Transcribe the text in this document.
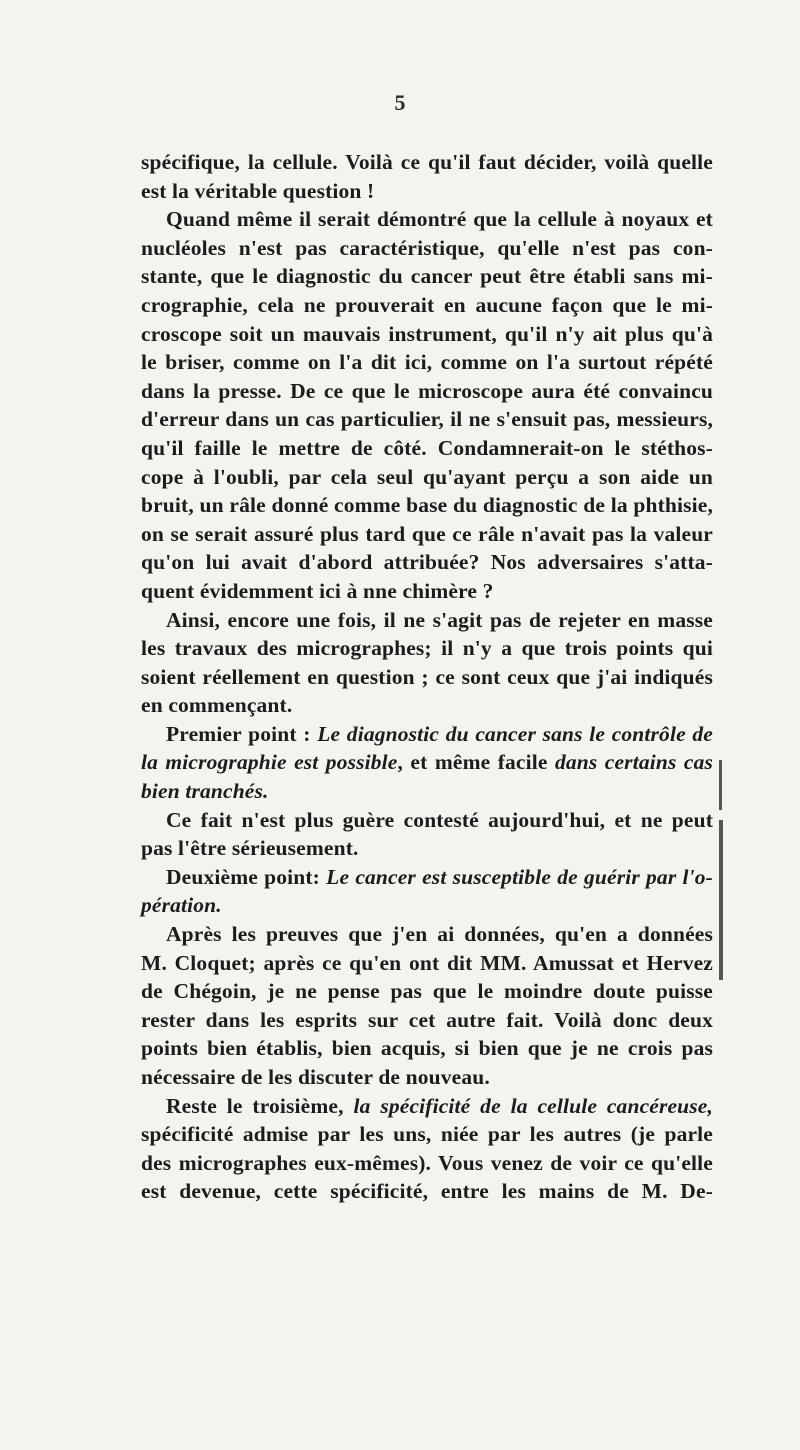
5
spécifique, la cellule. Voilà ce qu'il faut décider, voilà quelle
est la véritable question !
Quand même il serait démontré que la cellule à noyaux et
nucléoles n'est pas caractéristique, qu'elle n'est pas con-
stante, que le diagnostic du cancer peut être établi sans mi-
crographie, cela ne prouverait en aucune façon que le mi-
croscope soit un mauvais instrument, qu'il n'y ait plus qu'à
le briser, comme on l'a dit ici, comme on l'a surtout répété
dans la presse. De ce que le microscope aura été convaincu
d'erreur dans un cas particulier, il ne s'ensuit pas, messieurs,
qu'il faille le mettre de côté. Condamnerait-on le stéthos-
cope à l'oubli, par cela seul qu'ayant perçu a son aide un
bruit, un râle donné comme base du diagnostic de la phthisie,
on se serait assuré plus tard que ce râle n'avait pas la valeur
qu'on lui avait d'abord attribuée? Nos adversaires s'atta-
quent évidemment ici à nne chimère ?
Ainsi, encore une fois, il ne s'agit pas de rejeter en masse
les travaux des micrographes; il n'y a que trois points qui
soient réellement en question ; ce sont ceux que j'ai indiqués
en commençant.
Premier point : Le diagnostic du cancer sans le contrôle de
la micrographie est possible, et même facile dans certains cas
bien tranchés.
Ce fait n'est plus guère contesté aujourd'hui, et ne peut
pas l'être sérieusement.
Deuxième point: Le cancer est susceptible de guérir par l'o-
pération.
Après les preuves que j'en ai données, qu'en a données
M. Cloquet; après ce qu'en ont dit MM. Amussat et Hervez
de Chégoin, je ne pense pas que le moindre doute puisse
rester dans les esprits sur cet autre fait. Voilà donc deux
points bien établis, bien acquis, si bien que je ne crois pas
nécessaire de les discuter de nouveau.
Reste le troisième, la spécificité de la cellule cancéreuse,
spécificité admise par les uns, niée par les autres (je parle
des micrographes eux-mêmes). Vous venez de voir ce qu'elle
est devenue, cette spécificité, entre les mains de M. De-
